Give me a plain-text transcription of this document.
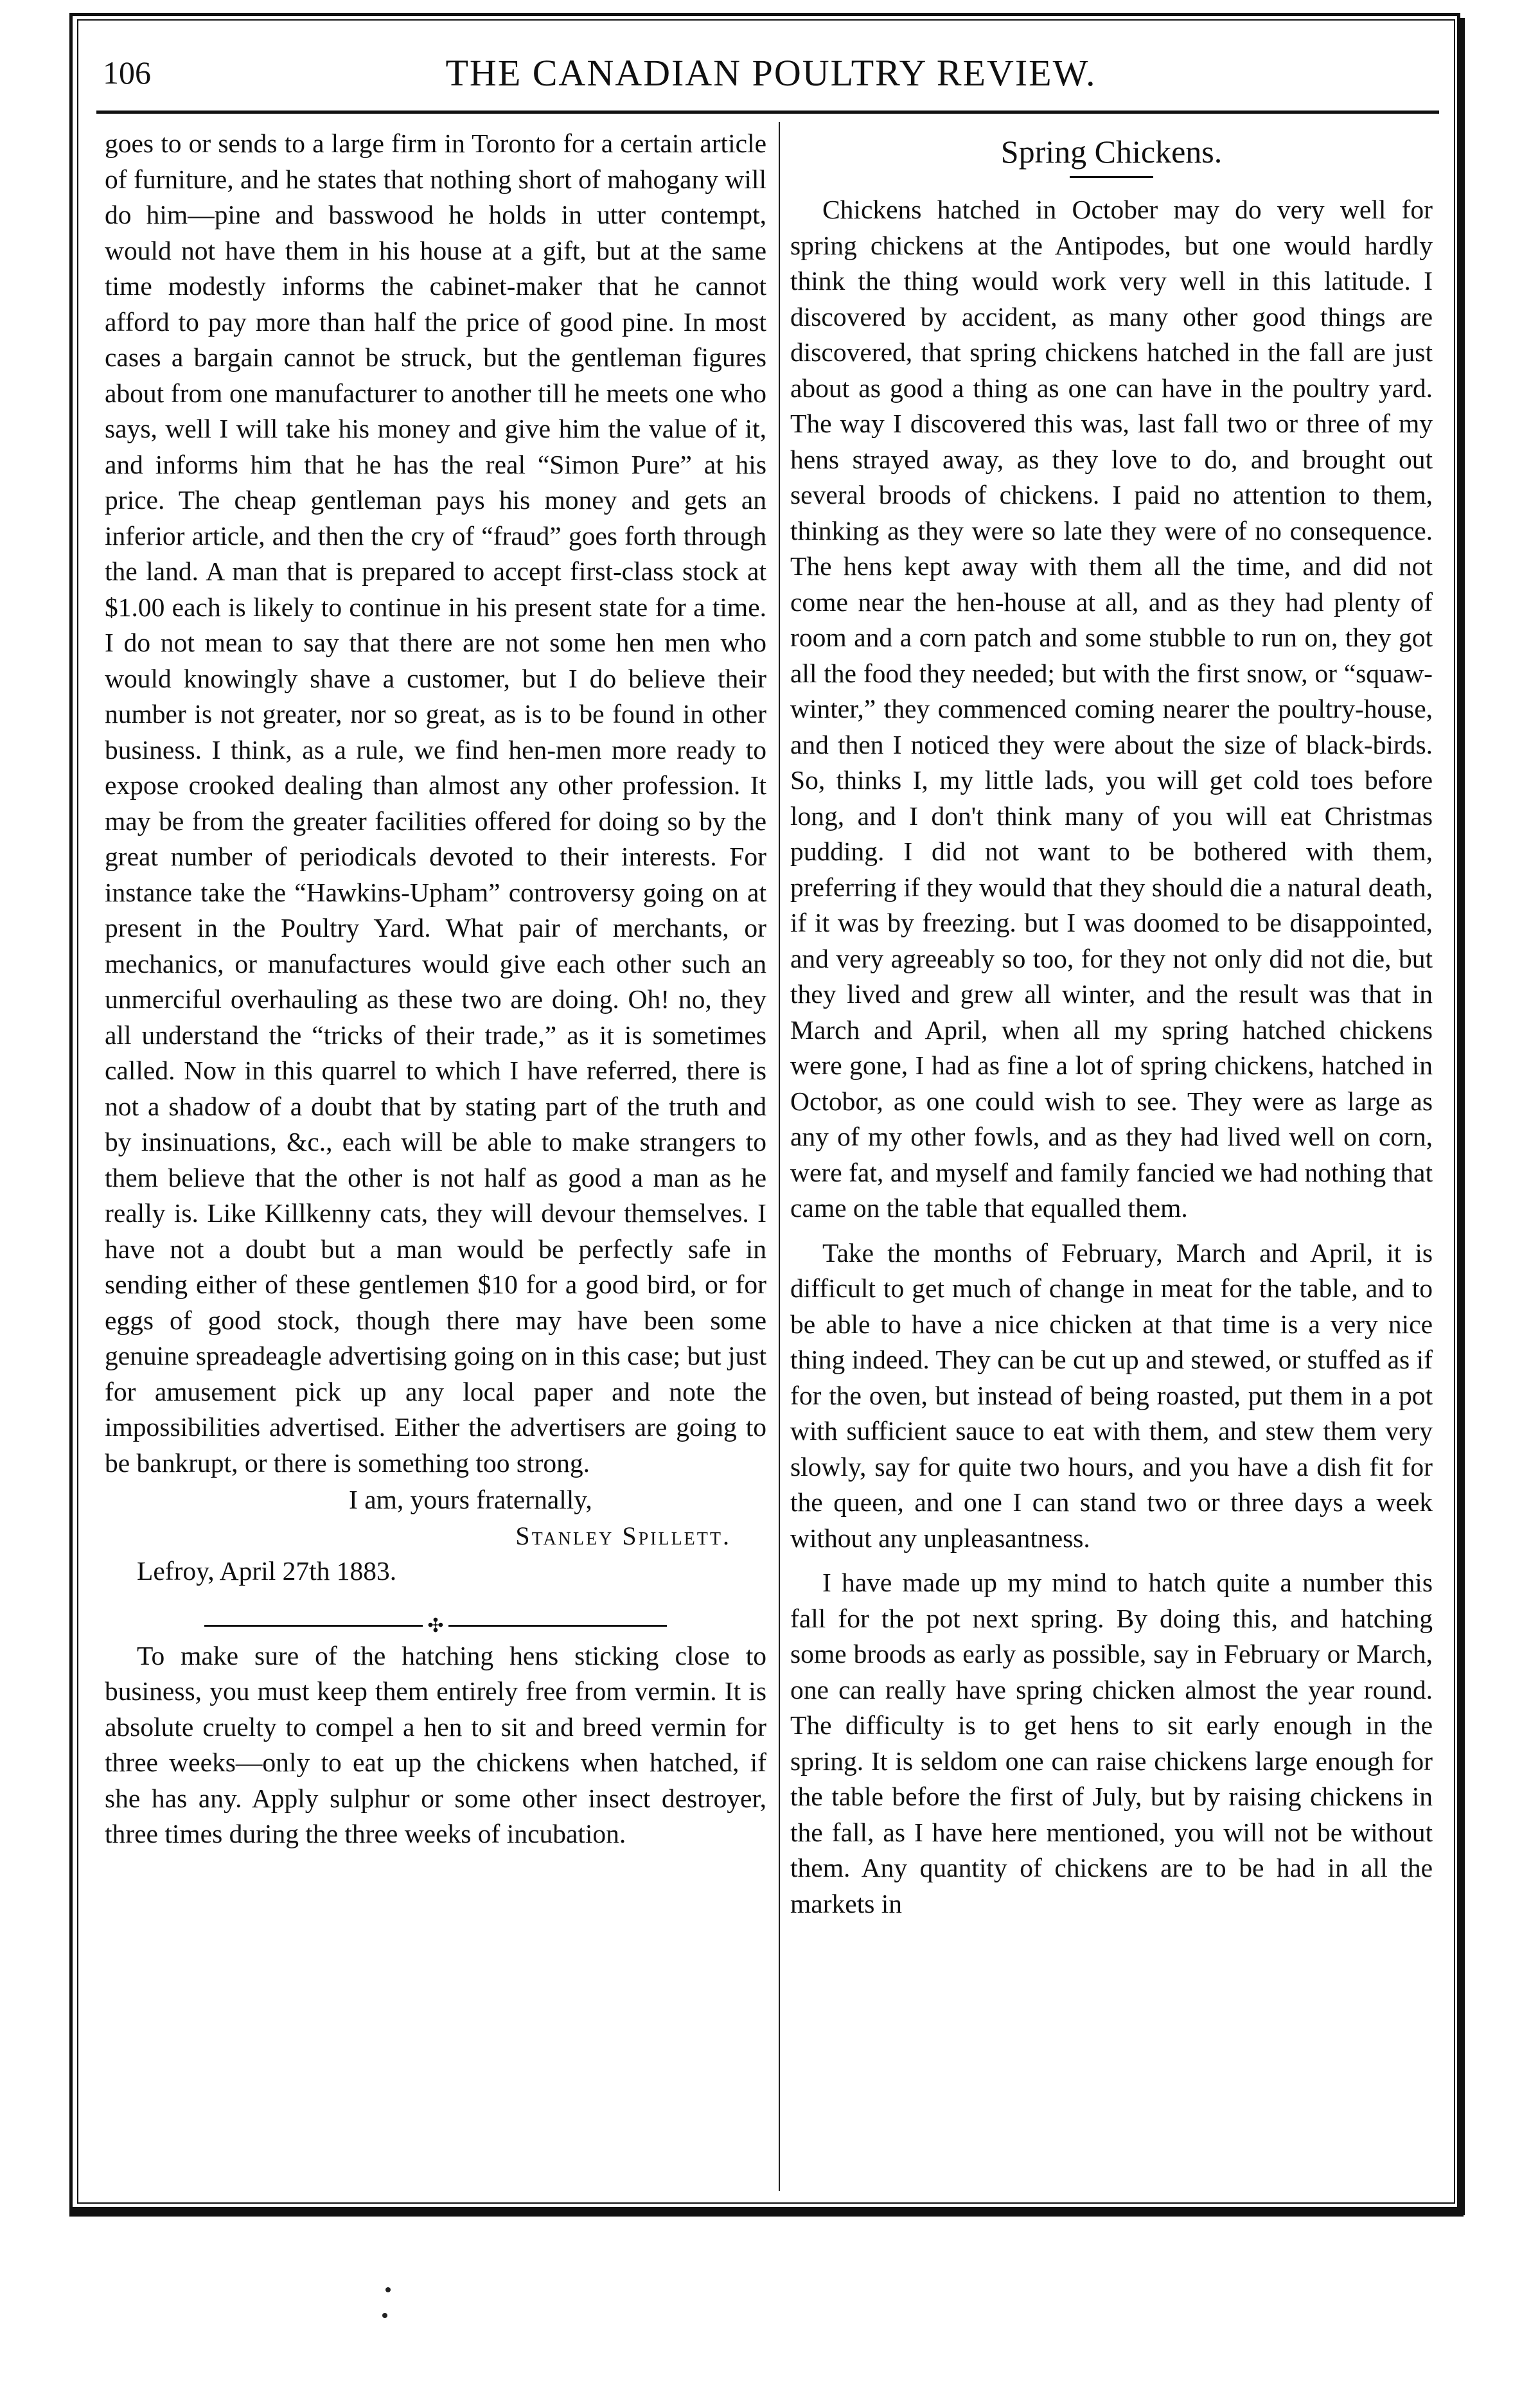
106	THE CANADIAN POULTRY REVIEW.

goes to or sends to a large firm in Toronto for a certain article of furniture, and he states that nothing short of mahogany will do him—pine and basswood he holds in utter contempt, would not have them in his house at a gift, but at the same time modestly informs the cabinet-maker that he cannot afford to pay more than half the price of good pine. In most cases a bargain cannot be struck, but the gentleman figures about from one manufacturer to another till he meets one who says, well I will take his money and give him the value of it, and informs him that he has the real “Simon Pure” at his price. The cheap gentleman pays his money and gets an inferior article, and then the cry of “fraud” goes forth through the land. A man that is prepared to accept first-class stock at $1.00 each is likely to continue in his present state for a time. I do not mean to say that there are not some hen men who would knowingly shave a customer, but I do believe their number is not greater, nor so great, as is to be found in other business. I think, as a rule, we find hen-men more ready to expose crooked dealing than almost any other profession. It may be from the greater facilities offered for doing so by the great number of periodicals devoted to their interests. For instance take the “Hawkins-Upham” controversy going on at present in the Poultry Yard. What pair of merchants, or mechanics, or manufactures would give each other such an unmerciful overhauling as these two are doing. Oh! no, they all understand the “tricks of their trade,” as it is sometimes called. Now in this quarrel to which I have referred, there is not a shadow of a doubt that by stating part of the truth and by insinuations, &c., each will be able to make strangers to them believe that the other is not half as good a man as he really is. Like Killkenny cats, they will devour themselves. I have not a doubt but a man would be perfectly safe in sending either of these gentlemen $10 for a good bird, or for eggs of good stock, though there may have been some genuine spreadeagle advertising going on in this case; but just for amusement pick up any local paper and note the impossibilities advertised. Either the advertisers are going to be bankrupt, or there is something too strong.

I am, yours fraternally,

Stanley Spillett.

Lefroy, April 27th 1883.

✣

To make sure of the hatching hens sticking close to business, you must keep them entirely free from vermin. It is absolute cruelty to compel a hen to sit and breed vermin for three weeks—only to eat up the chickens when hatched, if she has any. Apply sulphur or some other insect destroyer, three times during the three weeks of incubation.

Spring Chickens.

Chickens hatched in October may do very well for spring chickens at the Antipodes, but one would hardly think the thing would work very well in this latitude. I discovered by accident, as many other good things are discovered, that spring chickens hatched in the fall are just about as good a thing as one can have in the poultry yard. The way I discovered this was, last fall two or three of my hens strayed away, as they love to do, and brought out several broods of chickens. I paid no attention to them, thinking as they were so late they were of no consequence. The hens kept away with them all the time, and did not come near the hen-house at all, and as they had plenty of room and a corn patch and some stubble to run on, they got all the food they needed; but with the first snow, or “squaw-winter,” they commenced coming nearer the poultry-house, and then I noticed they were about the size of black-birds. So, thinks I, my little lads, you will get cold toes before long, and I don't think many of you will eat Christmas pudding. I did not want to be bothered with them, preferring if they would that they should die a natural death, if it was by freezing. but I was doomed to be disappointed, and very agreeably so too, for they not only did not die, but they lived and grew all winter, and the result was that in March and April, when all my spring hatched chickens were gone, I had as fine a lot of spring chickens, hatched in Octobor, as one could wish to see. They were as large as any of my other fowls, and as they had lived well on corn, were fat, and myself and family fancied we had nothing that came on the table that equalled them.

Take the months of February, March and April, it is difficult to get much of change in meat for the table, and to be able to have a nice chicken at that time is a very nice thing indeed. They can be cut up and stewed, or stuffed as if for the oven, but instead of being roasted, put them in a pot with sufficient sauce to eat with them, and stew them very slowly, say for quite two hours, and you have a dish fit for the queen, and one I can stand two or three days a week without any unpleasantness.

I have made up my mind to hatch quite a number this fall for the pot next spring. By doing this, and hatching some broods as early as possible, say in February or March, one can really have spring chicken almost the year round. The difficulty is to get hens to sit early enough in the spring. It is seldom one can raise chickens large enough for the table before the first of July, but by raising chickens in the fall, as I have here mentioned, you will not be without them. Any quantity of chickens are to be had in all the markets in
